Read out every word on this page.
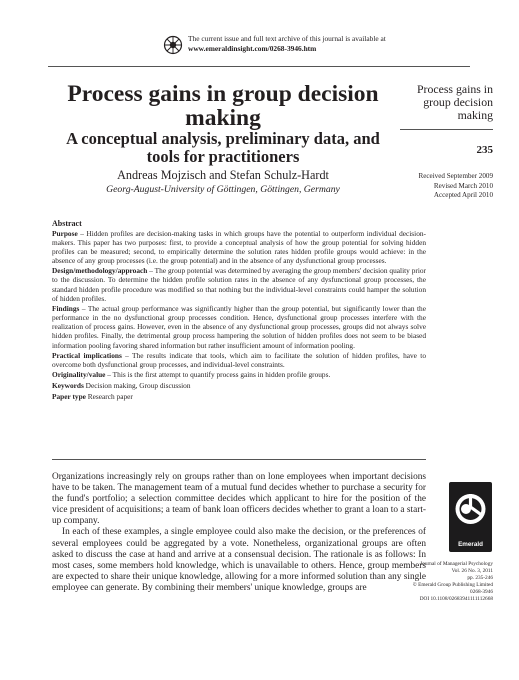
The current issue and full text archive of this journal is available at
www.emeraldinsight.com/0268-3946.htm
Process gains in group decision making
A conceptual analysis, preliminary data, and tools for practitioners
Andreas Mojzisch and Stefan Schulz-Hardt
Georg-August-University of Göttingen, Göttingen, Germany
Process gains in group decision making
235
Received September 2009
Revised March 2010
Accepted April 2010
Abstract

Purpose – Hidden profiles are decision-making tasks in which groups have the potential to outperform individual decision-makers. This paper has two purposes: first, to provide a conceptual analysis of how the group potential for solving hidden profiles can be measured; second, to empirically determine the solution rates hidden profile groups would achieve: in the absence of any group processes (i.e. the group potential) and in the absence of any dysfunctional group processes.

Design/methodology/approach – The group potential was determined by averaging the group members' decision quality prior to the discussion. To determine the hidden profile solution rates in the absence of any dysfunctional group processes, the standard hidden profile procedure was modified so that nothing but the individual-level constraints could hamper the solution of hidden profiles.

Findings – The actual group performance was significantly higher than the group potential, but significantly lower than the performance in the no dysfunctional group processes condition. Hence, dysfunctional group processes interfere with the realization of process gains. However, even in the absence of any dysfunctional group processes, groups did not always solve hidden profiles. Finally, the detrimental group process hampering the solution of hidden profiles does not seem to be biased information pooling favoring shared information but rather insufficient amount of information pooling.

Practical implications – The results indicate that tools, which aim to facilitate the solution of hidden profiles, have to overcome both dysfunctional group processes, and individual-level constraints.

Originality/value – This is the first attempt to quantify process gains in hidden profile groups.

Keywords Decision making, Group discussion

Paper type Research paper

Organizations increasingly rely on groups rather than on lone employees when important decisions have to be taken. The management team of a mutual fund decides whether to purchase a security for the fund's portfolio; a selection committee decides which applicant to hire for the position of the vice president of acquisitions; a team of bank loan officers decides whether to grant a loan to a start-up company.

In each of these examples, a single employee could also make the decision, or the preferences of several employees could be aggregated by a vote. Nonetheless, organizational groups are often asked to discuss the case at hand and arrive at a consensual decision. The rationale is as follows: In most cases, some members hold knowledge, which is unavailable to others. Hence, group members are expected to share their unique knowledge, allowing for a more informed solution than any single employee can generate. By combining their members' unique knowledge, groups are

Emerald
Journal of Managerial Psychology
Vol. 26 No. 3, 2011
pp. 235-246
© Emerald Group Publishing Limited
0268-3946
DOI 10.1108/02683941111112668
